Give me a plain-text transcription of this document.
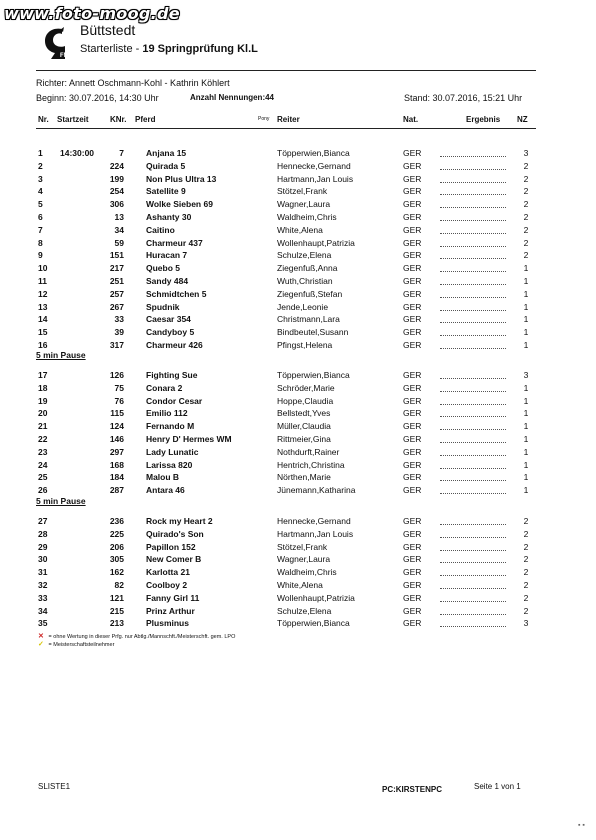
www.foto-moog.de
FN
Büttstedt
Starterliste - 19 Springprüfung Kl.L
Richter: Annett Oschmann-Kohl - Kathrin Köhlert
Beginn: 30.07.2016, 14:30 Uhr	Anzahl Nennungen:44	Stand: 30.07.2016, 15:21 Uhr
Nr. Startzeit	KNr. Pferd	Pony Reiter	Nat.	Ergebnis NZ
1 14:30:00	7	Anjana 15	Töpperwien,Bianca	GER	3
2	224	Quirada 5	Hennecke,Gernand	GER	2
3	199	Non Plus Ultra 13	Hartmann,Jan Louis	GER	2
4	254	Satellite 9	Stötzel,Frank	GER	2
5	306	Wolke Sieben 69	Wagner,Laura	GER	2
6	13	Ashanty 30	Waldheim,Chris	GER	2
7	34	Caitino	White,Alena	GER	2
8	59	Charmeur 437	Wollenhaupt,Patrizia	GER	2
9	151	Huracan 7	Schulze,Elena	GER	2
10	217	Quebo 5	Ziegenfuß,Anna	GER	1
11	251	Sandy 484	Wuth,Christian	GER	1
12	257	Schmidtchen 5	Ziegenfuß,Stefan	GER	1
13	267	Spudnik	Jende,Leonie	GER	1
14	33	Caesar 354	Christmann,Lara	GER	1
15	39	Candyboy 5	Bindbeutel,Susann	GER	1
16	317	Charmeur 426	Pfingst,Helena	GER	1
5 min Pause
17	126	Fighting Sue	Töpperwien,Bianca	GER	3
18	75	Conara 2	Schröder,Marie	GER	1
19	76	Condor Cesar	Hoppe,Claudia	GER	1
20	115	Emilio 112	Bellstedt,Yves	GER	1
21	124	Fernando M	Müller,Claudia	GER	1
22	146	Henry D' Hermes WM	Rittmeier,Gina	GER	1
23	297	Lady Lunatic	Nothdurft,Rainer	GER	1
24	168	Larissa 820	Hentrich,Christina	GER	1
25	184	Malou B	Nörthen,Marie	GER	1
26	287	Antara 46	Jünemann,Katharina	GER	1
5 min Pause
27	236	Rock my Heart 2	Hennecke,Gernand	GER	2
28	225	Quirado's Son	Hartmann,Jan Louis	GER	2
29	206	Papillon 152	Stötzel,Frank	GER	2
30	305	New Comer B	Wagner,Laura	GER	2
31	162	Karlotta 21	Waldheim,Chris	GER	2
32	82	Coolboy 2	White,Alena	GER	2
33	121	Fanny Girl 11	Wollenhaupt,Patrizia	GER	2
34	215	Prinz Arthur	Schulze,Elena	GER	2
35	213	Plusminus	Töpperwien,Bianca	GER	3
✕ = ohne Wertung in dieser Prfg. nur Abtlg./Mannschft./Meisterschft. gem. LPO
✓ = Meisterschaftsteilnehmer
SLISTE1	PC:KIRSTENPC	Seite 1 von 1
▪ ▪
